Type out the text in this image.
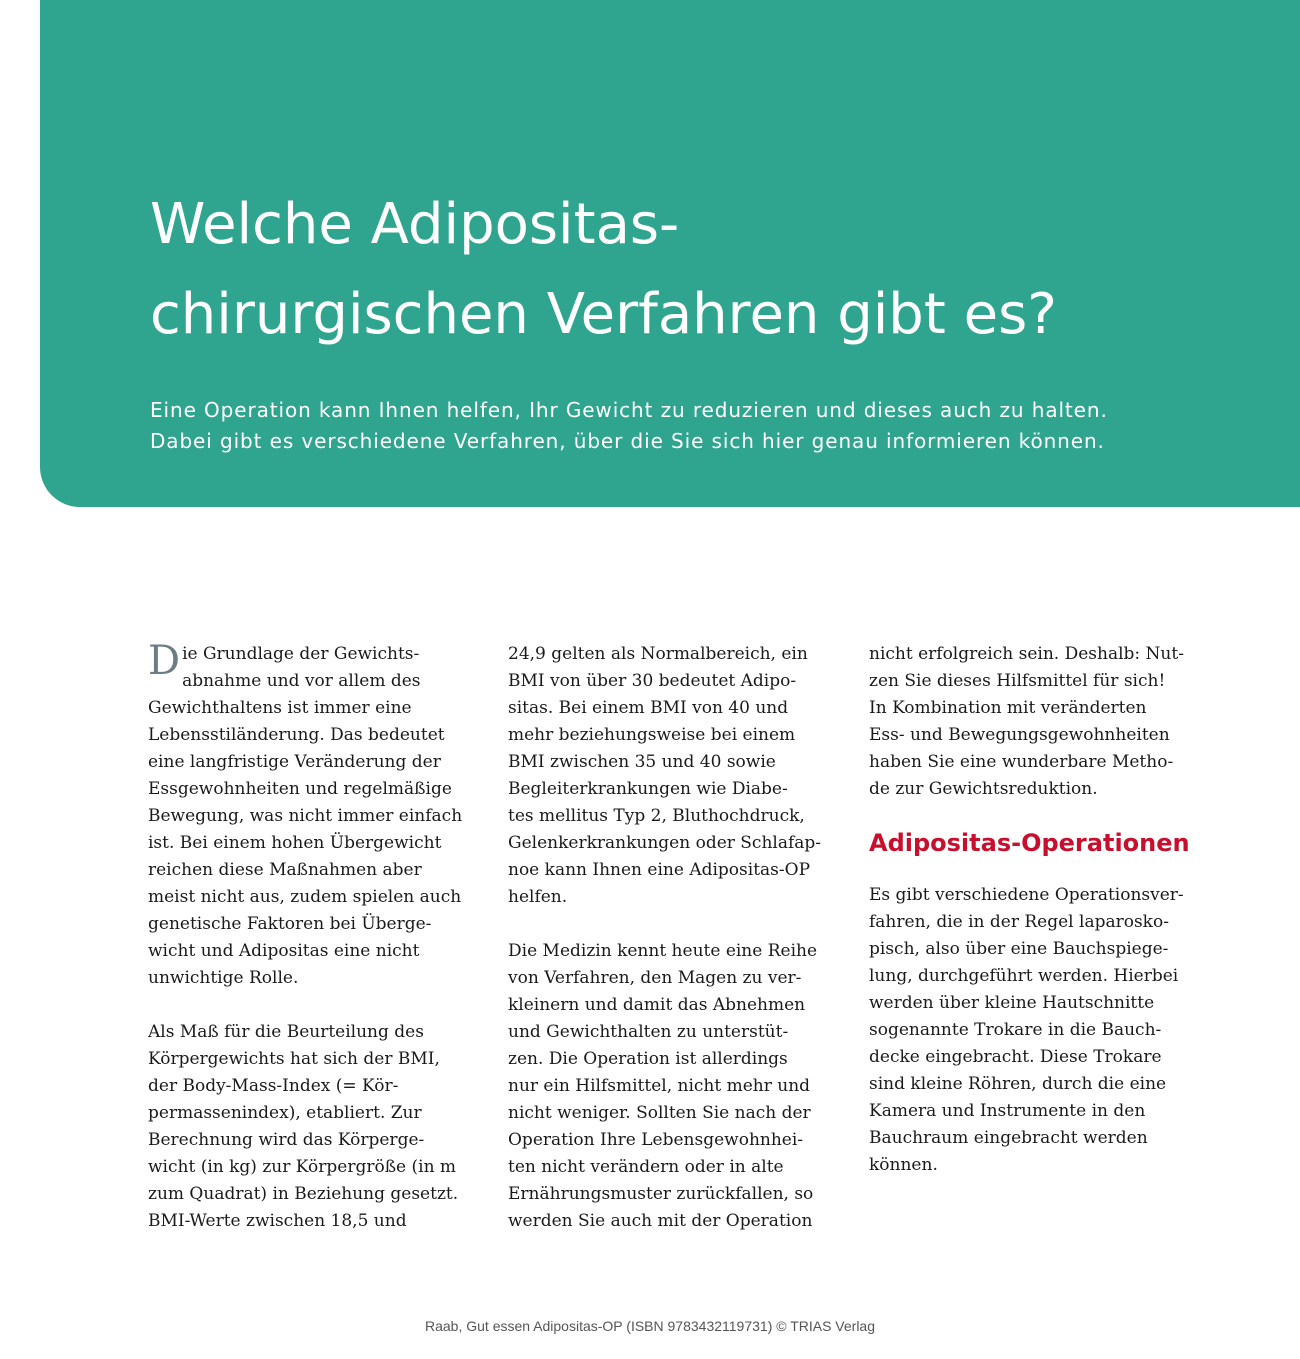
Welche Adipositas-
chirurgischen Verfahren gibt es?

Eine Operation kann Ihnen helfen, Ihr Gewicht zu reduzieren und dieses auch zu halten.
Dabei gibt es verschiedene Verfahren, über die Sie sich hier genau informieren können.

D ie Grundlage der Gewichts-
abnahme und vor allem des
Gewichthaltens ist immer eine
Lebensstiländerung. Das bedeutet
eine langfristige Veränderung der
Essgewohnheiten und regelmäßige
Bewegung, was nicht immer einfach
ist. Bei einem hohen Übergewicht
reichen diese Maßnahmen aber
meist nicht aus, zudem spielen auch
genetische Faktoren bei Überge-
wicht und Adipositas eine nicht
unwichtige Rolle.
Als Maß für die Beurteilung des
Körpergewichts hat sich der BMI,
der Body-Mass-Index (= Kör-
permassenindex), etabliert. Zur
Berechnung wird das Körperge-
wicht (in kg) zur Körpergröße (in m
zum Quadrat) in Beziehung gesetzt.
BMI-Werte zwischen 18,5 und
24,9 gelten als Normalbereich, ein
BMI von über 30 bedeutet Adipo-
sitas. Bei einem BMI von 40 und
mehr beziehungsweise bei einem
BMI zwischen 35 und 40 sowie
Begleiterkrankungen wie Diabe-
tes mellitus Typ 2, Bluthochdruck,
Gelenkerkrankungen oder Schlafap-
noe kann Ihnen eine Adipositas-OP
helfen.
Die Medizin kennt heute eine Reihe
von Verfahren, den Magen zu ver-
kleinern und damit das Abnehmen
und Gewichthalten zu unterstüt-
zen. Die Operation ist allerdings
nur ein Hilfsmittel, nicht mehr und
nicht weniger. Sollten Sie nach der
Operation Ihre Lebensgewohnhei-
ten nicht verändern oder in alte
Ernährungsmuster zurückfallen, so
werden Sie auch mit der Operation
nicht erfolgreich sein. Deshalb: Nut-
zen Sie dieses Hilfsmittel für sich!
In Kombination mit veränderten
Ess- und Bewegungsgewohnheiten
haben Sie eine wunderbare Metho-
de zur Gewichtsreduktion.
Adipositas-Operationen
Es gibt verschiedene Operationsver-
fahren, die in der Regel laparosko-
pisch, also über eine Bauchspiege-
lung, durchgeführt werden. Hierbei
werden über kleine Hautschnitte
sogenannte Trokare in die Bauch-
decke eingebracht. Diese Trokare
sind kleine Röhren, durch die eine
Kamera und Instrumente in den
Bauchraum eingebracht werden
können.
Raab, Gut essen Adipositas-OP (ISBN 9783432119731) © TRIAS Verlag
